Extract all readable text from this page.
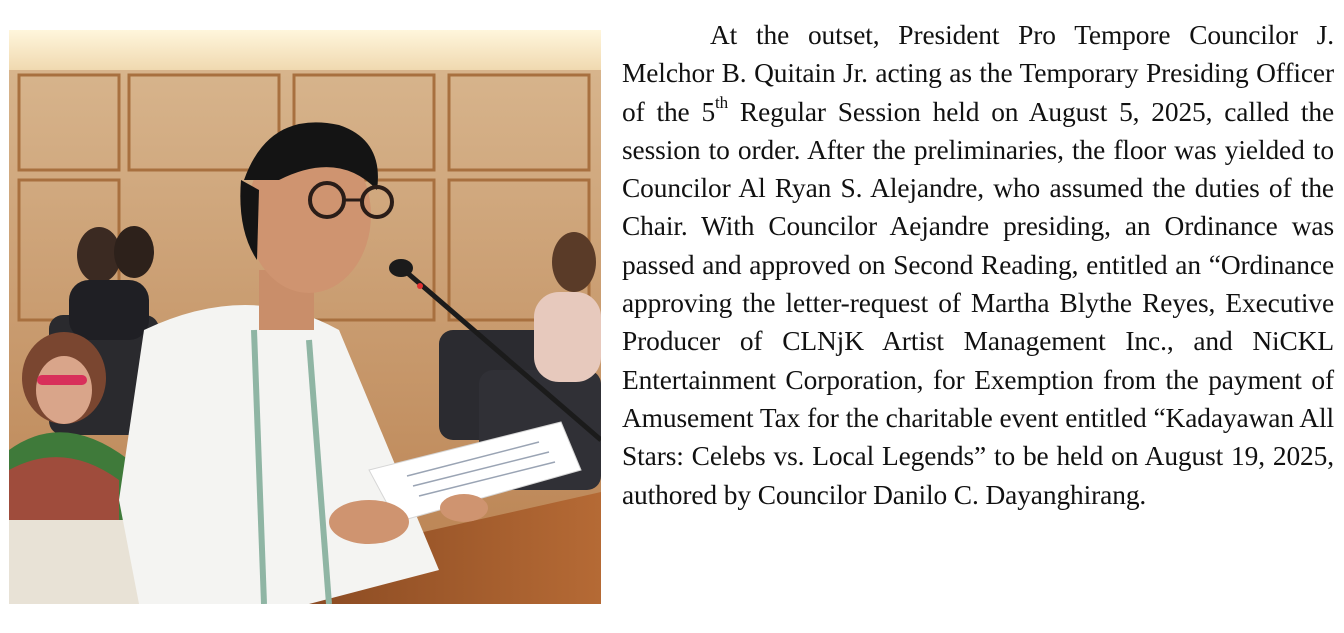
At the outset, President Pro Tempore Councilor J. Melchor B. Quitain Jr. acting as the Temporary Presiding Officer of the 5th Regular Session held on August 5, 2025, called the session to order. After the preliminaries, the floor was yielded to Councilor Al Ryan S. Alejandre, who assumed the duties of the Chair. With Councilor Aejandre presiding, an Ordinance was passed and approved on Second Reading, entitled an “Ordinance approving the letter-request of Martha Blythe Reyes, Executive Producer of CLNjK Artist Management Inc., and NiCKL Entertainment Corporation, for Exemption from the payment of Amusement Tax for the charitable event entitled “Kadayawan All Stars: Celebs vs. Local Legends” to be held on August 19, 2025, authored by Councilor Danilo C. Dayanghirang.
